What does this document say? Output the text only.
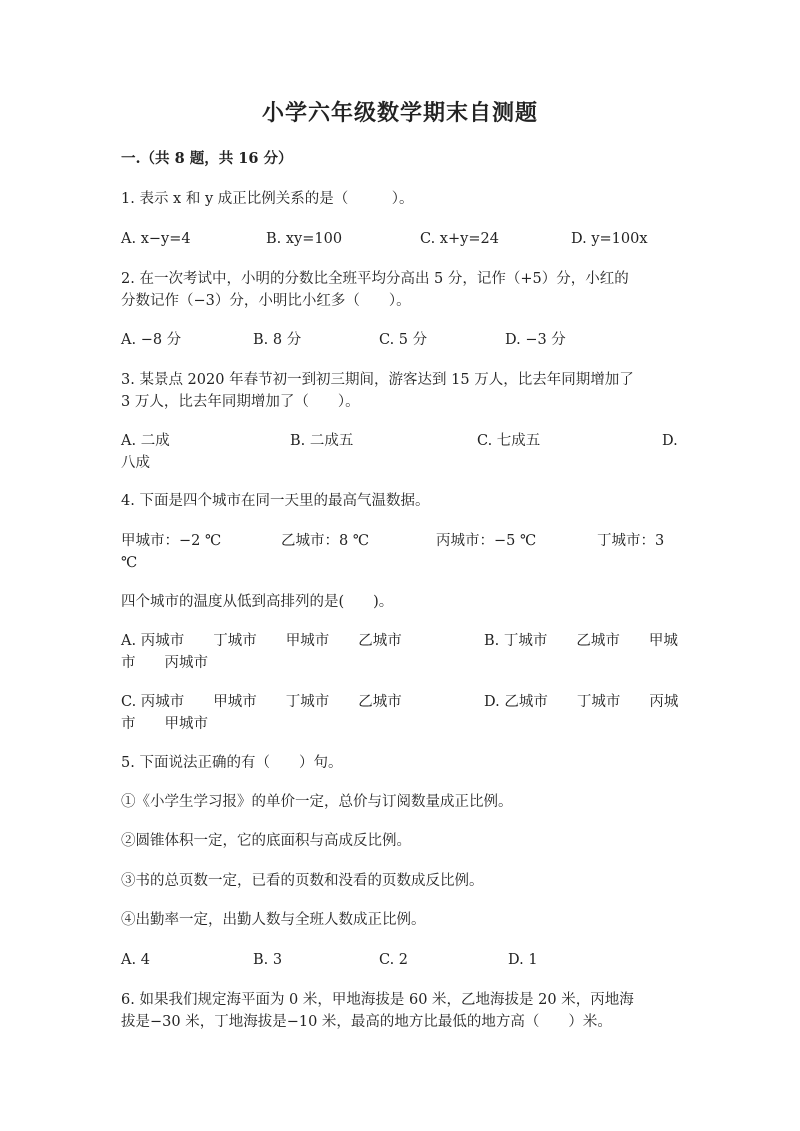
小学六年级数学期末自测题
一.（共 8 题，共 16 分）
1. 表示 x 和 y 成正比例关系的是（　　　）。
A. x−y=4	B. xy=100	C. x+y=24	D. y=100x
2. 在一次考试中，小明的分数比全班平均分高出 5 分，记作（+5）分，小红的
分数记作（−3）分，小明比小红多（　　）。
A. −8 分	B. 8 分	C. 5 分	D. −3 分
3. 某景点 2020 年春节初一到初三期间，游客达到 15 万人，比去年同期增加了
3 万人，比去年同期增加了（　　）。
A. 二成	B. 二成五	C. 七成五	D.
八成
4. 下面是四个城市在同一天里的最高气温数据。
甲城市：−2 ℃	乙城市：8 ℃	丙城市：−5 ℃	丁城市：3
℃
四个城市的温度从低到高排列的是(　　)。
A. 丙城市　　丁城市　　甲城市　　乙城市	B. 丁城市　　乙城市　　甲城
市　　丙城市
C. 丙城市　　甲城市　　丁城市　　乙城市	D. 乙城市　　丁城市　　丙城
市　　甲城市
5. 下面说法正确的有（　　）句。
①《小学生学习报》的单价一定，总价与订阅数量成正比例。
②圆锥体积一定，它的底面积与高成反比例。
③书的总页数一定，已看的页数和没看的页数成反比例。
④出勤率一定，出勤人数与全班人数成正比例。
A. 4	B. 3	C. 2	D. 1
6. 如果我们规定海平面为 0 米，甲地海拔是 60 米，乙地海拔是 20 米，丙地海
拔是−30 米，丁地海拔是−10 米，最高的地方比最低的地方高（　　）米。
